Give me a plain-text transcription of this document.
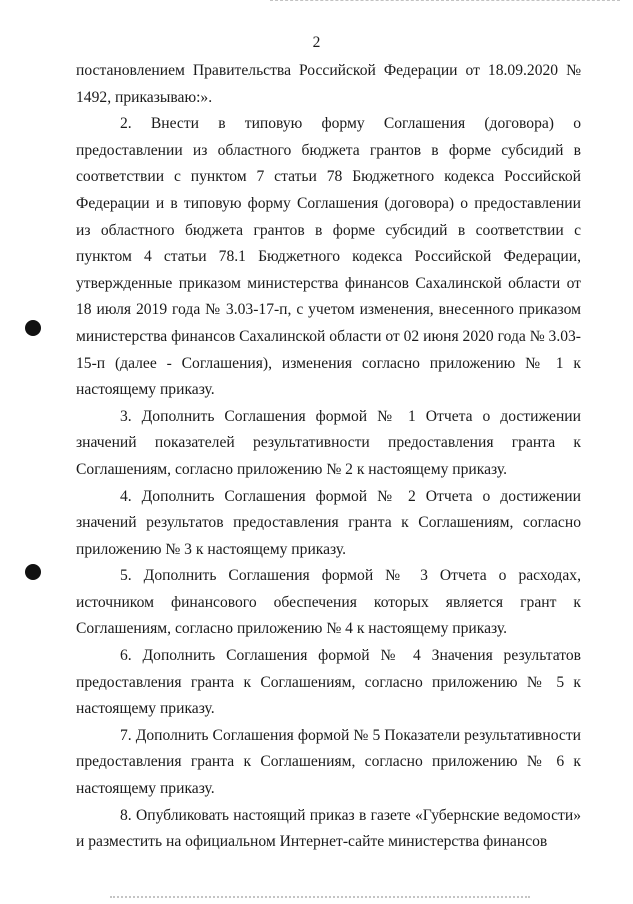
2

постановлением Правительства Российской Федерации от 18.09.2020 № 1492, приказываю:».

2. Внести в типовую форму Соглашения (договора) о предоставлении из областного бюджета грантов в форме субсидий в соответствии с пунктом 7 статьи 78 Бюджетного кодекса Российской Федерации и в типовую форму Соглашения (договора) о предоставлении из областного бюджета грантов в форме субсидий в соответствии с пунктом 4 статьи 78.1 Бюджетного кодекса Российской Федерации, утвержденные приказом министерства финансов Сахалинской области от 18 июля 2019 года № 3.03-17-п, с учетом изменения, внесенного приказом министерства финансов Сахалинской области от 02 июня 2020 года № 3.03-15-п (далее - Соглашения), изменения согласно приложению № 1 к настоящему приказу.

3. Дополнить Соглашения формой № 1 Отчета о достижении значений показателей результативности предоставления гранта к Соглашениям, согласно приложению № 2 к настоящему приказу.

4. Дополнить Соглашения формой № 2 Отчета о достижении значений результатов предоставления гранта к Соглашениям, согласно приложению № 3 к настоящему приказу.

5. Дополнить Соглашения формой № 3 Отчета о расходах, источником финансового обеспечения которых является грант к Соглашениям, согласно приложению № 4 к настоящему приказу.

6. Дополнить Соглашения формой № 4 Значения результатов предоставления гранта к Соглашениям, согласно приложению № 5 к настоящему приказу.

7. Дополнить Соглашения формой № 5 Показатели результативности предоставления гранта к Соглашениям, согласно приложению № 6 к настоящему приказу.

8. Опубликовать настоящий приказ в газете «Губернские ведомости» и разместить на официальном Интернет-сайте министерства финансов
